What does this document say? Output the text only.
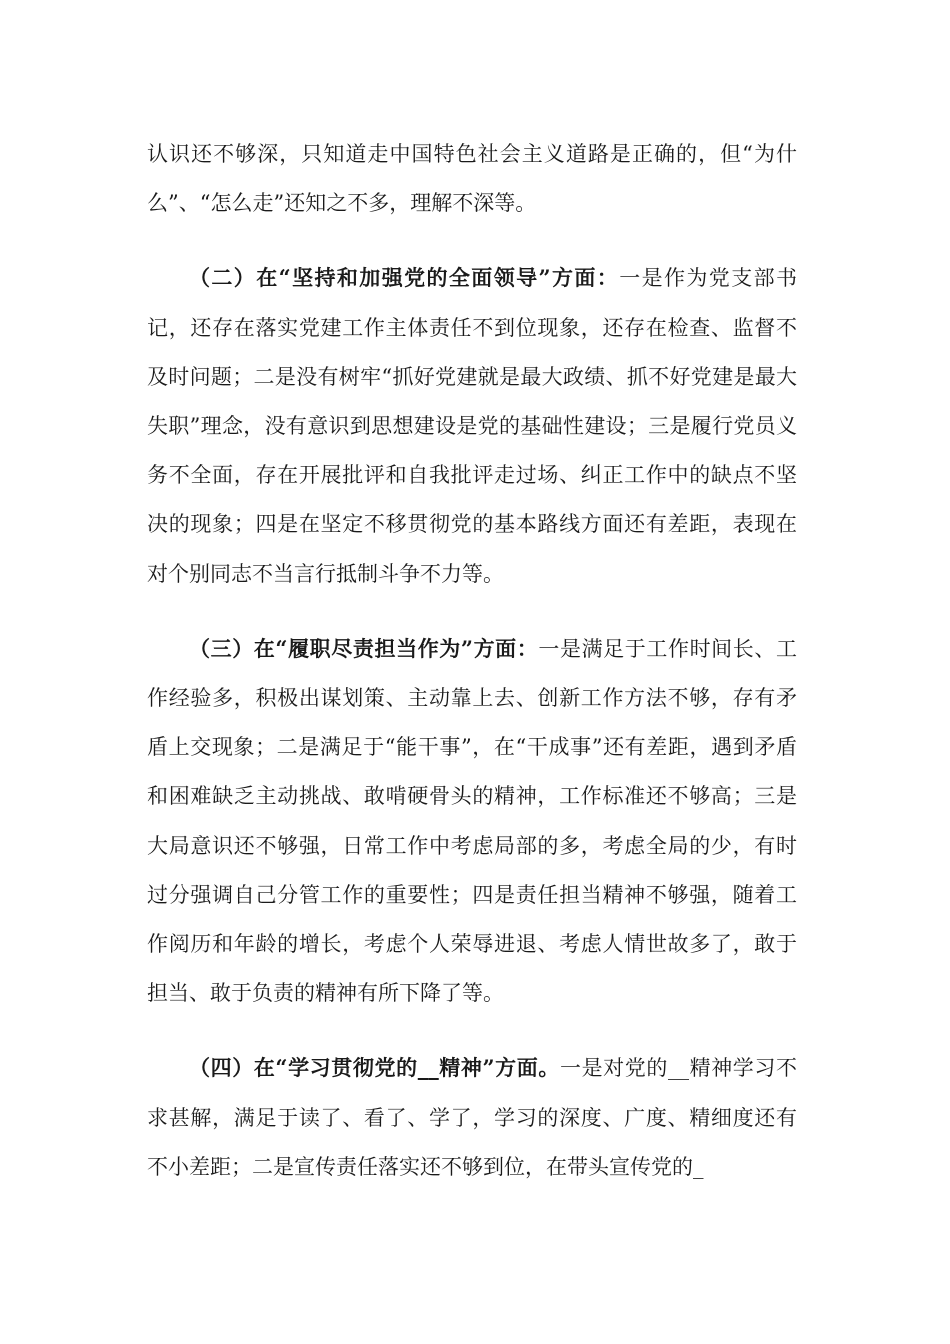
认识还不够深，只知道走中国特色社会主义道路是正确的，但“为什么”、“怎么走”还知之不多，理解不深等。

（二）在“坚持和加强党的全面领导”方面：一是作为党支部书记，还存在落实党建工作主体责任不到位现象，还存在检查、监督不及时问题；二是没有树牢“抓好党建就是最大政绩、抓不好党建是最大失职”理念，没有意识到思想建设是党的基础性建设；三是履行党员义务不全面，存在开展批评和自我批评走过场、纠正工作中的缺点不坚决的现象；四是在坚定不移贯彻党的基本路线方面还有差距，表现在对个别同志不当言行抵制斗争不力等。

（三）在“履职尽责担当作为”方面：一是满足于工作时间长、工作经验多，积极出谋划策、主动靠上去、创新工作方法不够，存有矛盾上交现象；二是满足于“能干事”，在“干成事”还有差距，遇到矛盾和困难缺乏主动挑战、敢啃硬骨头的精神，工作标准还不够高；三是大局意识还不够强，日常工作中考虑局部的多，考虑全局的少，有时过分强调自己分管工作的重要性；四是责任担当精神不够强，随着工作阅历和年龄的增长，考虑个人荣辱进退、考虑人情世故多了，敢于担当、敢于负责的精神有所下降了等。

（四）在“学习贯彻党的__精神”方面。一是对党的__精神学习不求甚解，满足于读了、看了、学了，学习的深度、广度、精细度还有不小差距；二是宣传责任落实还不够到位，在带头宣传党的_
